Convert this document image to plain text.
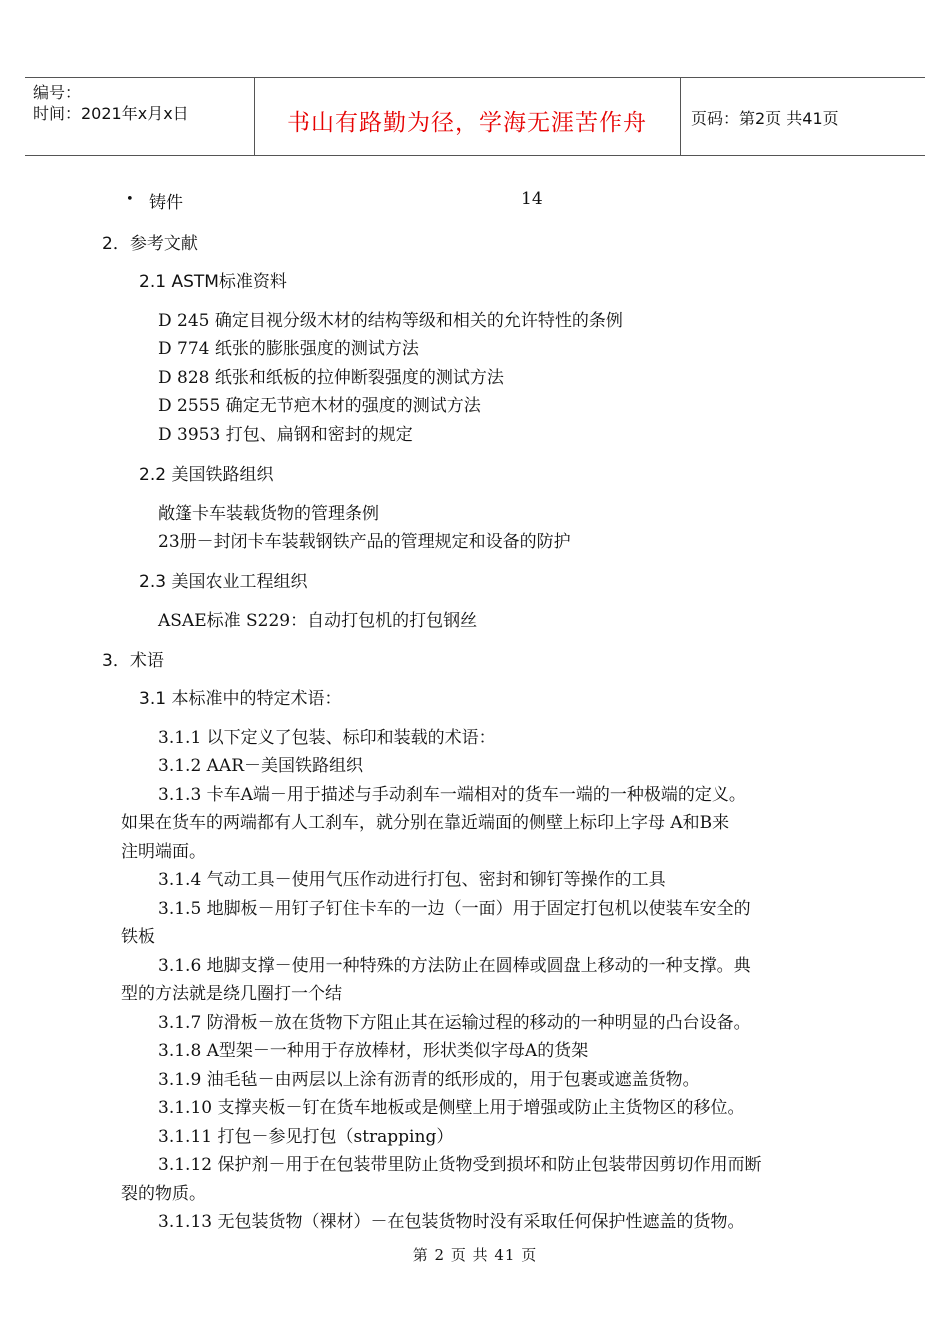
编号：
时间：2021年x月x日	书山有路勤为径，学海无涯苦作舟	页码：第2页 共41页
• 铸件	14
2．参考文献
2.1 ASTM标准资料
D 245 确定目视分级木材的结构等级和相关的允许特性的条例
D 774 纸张的膨胀强度的测试方法
D 828 纸张和纸板的拉伸断裂强度的测试方法
D 2555 确定无节疤木材的强度的测试方法
D 3953 打包、扁钢和密封的规定
2.2 美国铁路组织
敞篷卡车装载货物的管理条例
23册－封闭卡车装载钢铁产品的管理规定和设备的防护
2.3 美国农业工程组织
ASAE标准 S229：自动打包机的打包钢丝
3．术语
3.1 本标准中的特定术语：
3.1.1 以下定义了包装、标印和装载的术语：
3.1.2 AAR－美国铁路组织
3.1.3 卡车A端－用于描述与手动刹车一端相对的货车一端的一种极端的定义。
如果在货车的两端都有人工刹车，就分别在靠近端面的侧壁上标印上字母 A和B来
注明端面。
3.1.4 气动工具－使用气压作动进行打包、密封和铆钉等操作的工具
3.1.5 地脚板－用钉子钉住卡车的一边（一面）用于固定打包机以使装车安全的
铁板
3.1.6 地脚支撑－使用一种特殊的方法防止在圆棒或圆盘上移动的一种支撑。典
型的方法就是绕几圈打一个结
3.1.7 防滑板－放在货物下方阻止其在运输过程的移动的一种明显的凸台设备。
3.1.8 A型架－一种用于存放棒材，形状类似字母A的货架
3.1.9 油毛毡－由两层以上涂有沥青的纸形成的，用于包裹或遮盖货物。
3.1.10 支撑夹板－钉在货车地板或是侧壁上用于增强或防止主货物区的移位。
3.1.11 打包－参见打包（strapping）
3.1.12 保护剂－用于在包装带里防止货物受到损坏和防止包装带因剪切作用而断
裂的物质。
3.1.13 无包装货物（裸材）－在包装货物时没有采取任何保护性遮盖的货物。
第 2 页 共 41 页
